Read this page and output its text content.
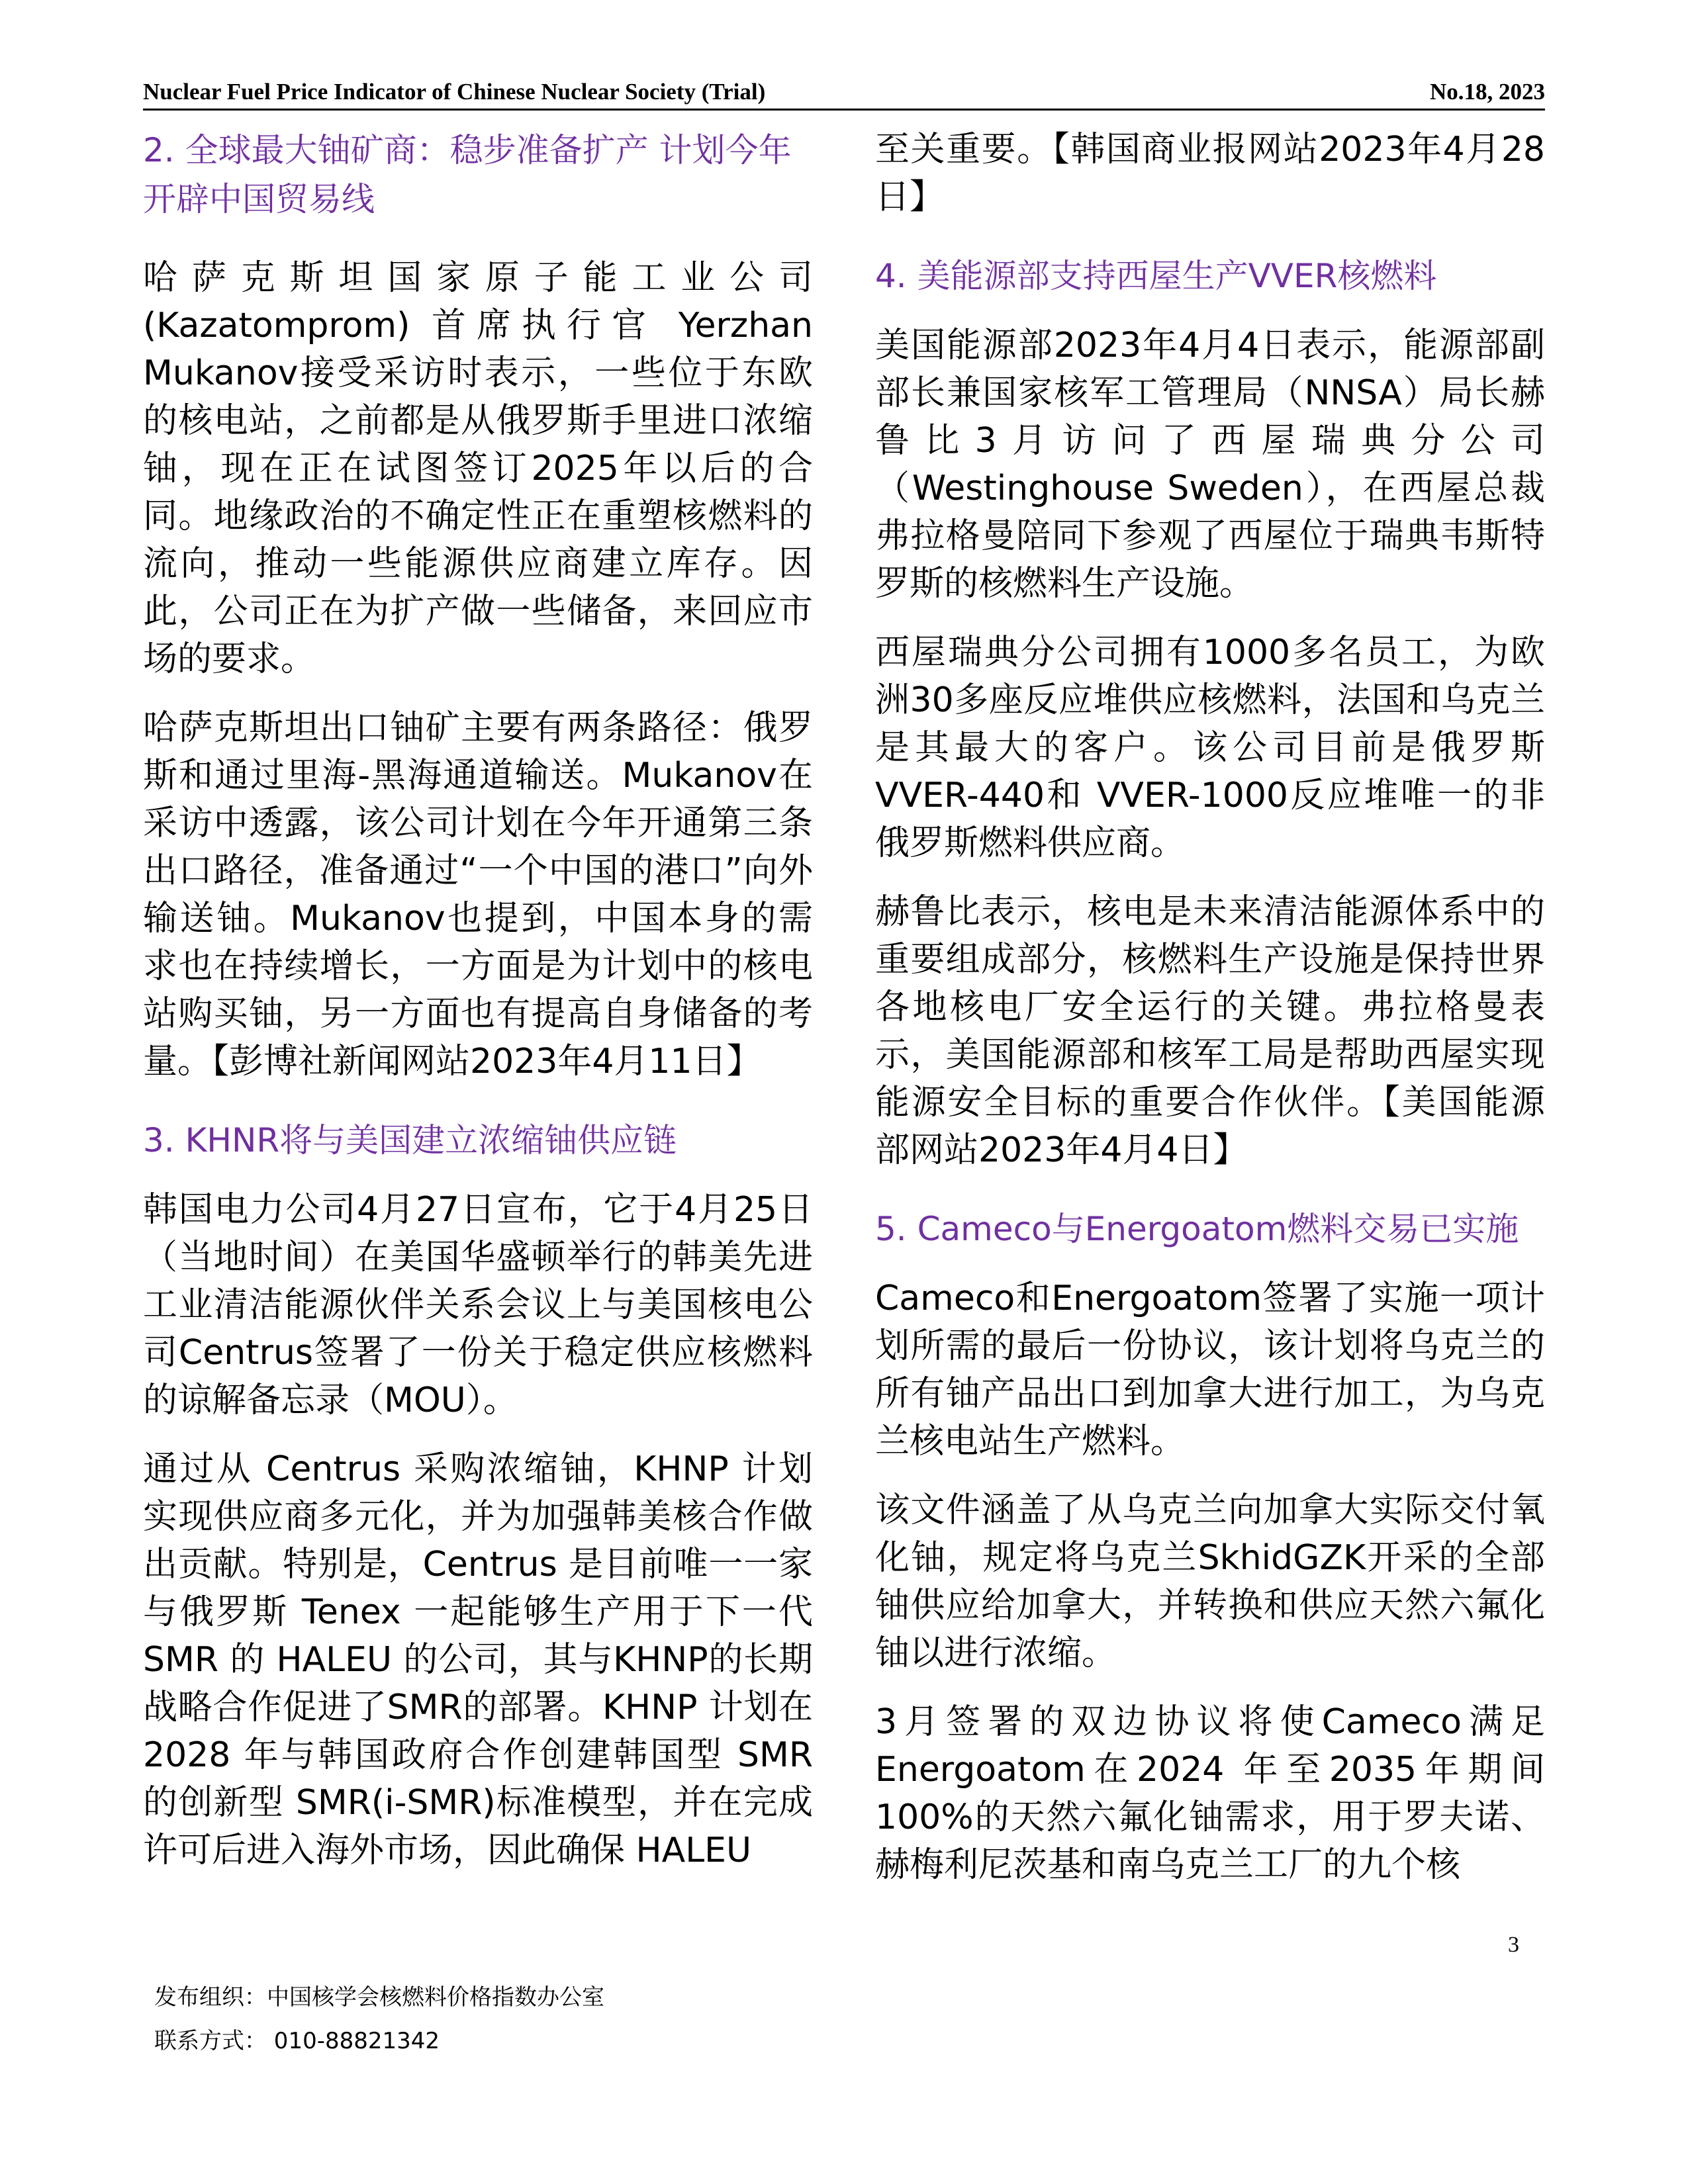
Nuclear Fuel Price Indicator of Chinese Nuclear Society (Trial)	No.18, 2023
2. 全球最大铀矿商：稳步准备扩产 计划今年开辟中国贸易线

哈萨克斯坦国家原子能工业公司(Kazatomprom) 首席执行官 Yerzhan Mukanov接受采访时表示，一些位于东欧的核电站，之前都是从俄罗斯手里进口浓缩铀，现在正在试图签订2025年以后的合同。地缘政治的不确定性正在重塑核燃料的流向，推动一些能源供应商建立库存。因此，公司正在为扩产做一些储备，来回应市场的要求。

哈萨克斯坦出口铀矿主要有两条路径：俄罗斯和通过里海-黑海通道输送。Mukanov在采访中透露，该公司计划在今年开通第三条出口路径，准备通过“一个中国的港口”向外输送铀。Mukanov也提到，中国本身的需求也在持续增长，一方面是为计划中的核电站购买铀，另一方面也有提高自身储备的考量。【彭博社新闻网站2023年4月11日】

3. KHNR将与美国建立浓缩铀供应链

韩国电力公司4月27日宣布，它于4月25日（当地时间）在美国华盛顿举行的韩美先进工业清洁能源伙伴关系会议上与美国核电公司Centrus签署了一份关于稳定供应核燃料的谅解备忘录（MOU）。

通过从 Centrus 采购浓缩铀，KHNP 计划实现供应商多元化，并为加强韩美核合作做出贡献。特别是，Centrus 是目前唯一一家与俄罗斯 Tenex 一起能够生产用于下一代 SMR 的 HALEU 的公司，其与KHNP的长期战略合作促进了SMR的部署。KHNP 计划在 2028 年与韩国政府合作创建韩国型 SMR 的创新型 SMR(i-SMR)标准模型，并在完成许可后进入海外市场，因此确保 HALEU

至关重要。【韩国商业报网站2023年4月28日】

4. 美能源部支持西屋生产VVER核燃料

美国能源部2023年4月4日表示，能源部副部长兼国家核军工管理局（NNSA）局长赫鲁比3月访问了西屋瑞典分公司（Westinghouse Sweden），在西屋总裁弗拉格曼陪同下参观了西屋位于瑞典韦斯特罗斯的核燃料生产设施。

西屋瑞典分公司拥有1000多名员工，为欧洲30多座反应堆供应核燃料，法国和乌克兰是其最大的客户。该公司目前是俄罗斯VVER-440和 VVER-1000反应堆唯一的非俄罗斯燃料供应商。

赫鲁比表示，核电是未来清洁能源体系中的重要组成部分，核燃料生产设施是保持世界各地核电厂安全运行的关键。弗拉格曼表示，美国能源部和核军工局是帮助西屋实现能源安全目标的重要合作伙伴。【美国能源部网站2023年4月4日】

5. Cameco与Energoatom燃料交易已实施

Cameco和Energoatom签署了实施一项计划所需的最后一份协议，该计划将乌克兰的所有铀产品出口到加拿大进行加工，为乌克兰核电站生产燃料。

该文件涵盖了从乌克兰向加拿大实际交付氧化铀，规定将乌克兰SkhidGZK开采的全部铀供应给加拿大，并转换和供应天然六氟化铀以进行浓缩。

3月签署的双边协议将使Cameco满足Energoatom在2024 年至2035年期间100%的天然六氟化铀需求，用于罗夫诺、赫梅利尼茨基和南乌克兰工厂的九个核

3
发布组织：中国核学会核燃料价格指数办公室
联系方式： 010-88821342
